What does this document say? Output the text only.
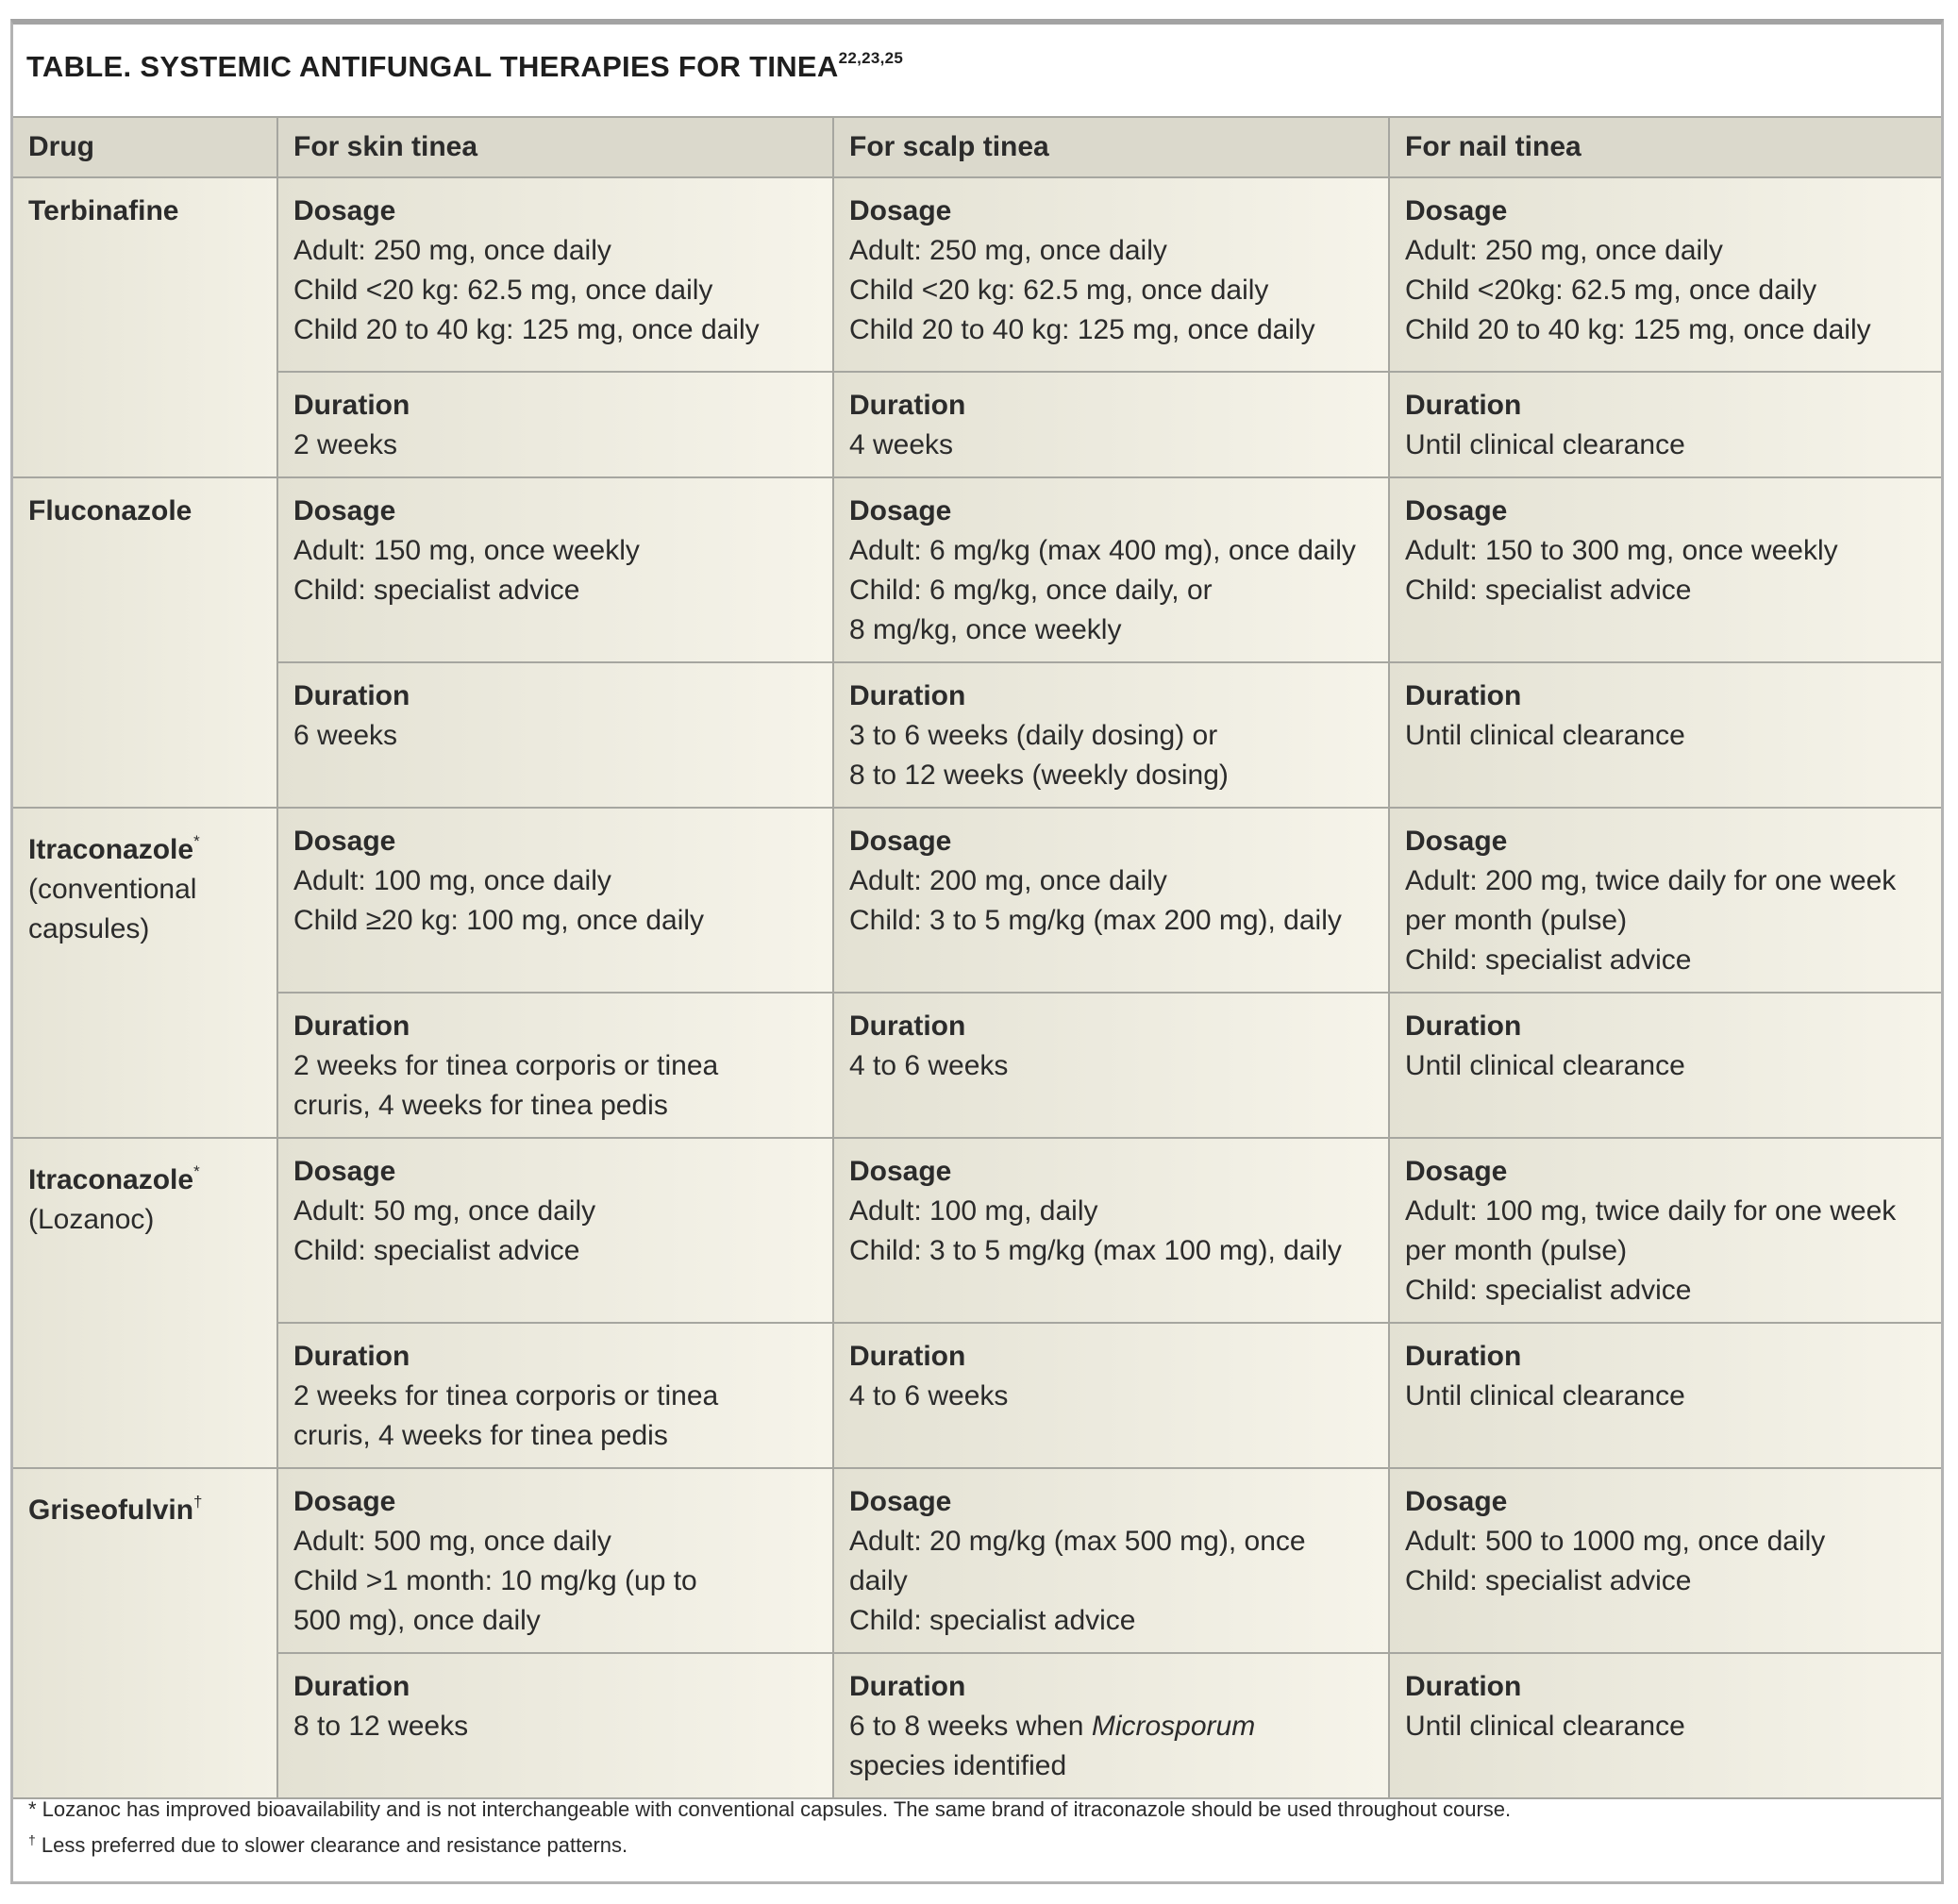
TABLE. SYSTEMIC ANTIFUNGAL THERAPIES FOR TINEA$^{22,23,25}$
Drug	For skin tinea	For scalp tinea	For nail tinea
Terbinafine	Dosage
Adult: 250 mg, once daily
Child <20 kg: 62.5 mg, once daily
Child 20 to 40 kg: 125 mg, once daily	Dosage
Adult: 250 mg, once daily
Child <20 kg: 62.5 mg, once daily
Child 20 to 40 kg: 125 mg, once daily	Dosage
Adult: 250 mg, once daily
Child <20kg: 62.5 mg, once daily
Child 20 to 40 kg: 125 mg, once daily

	Duration
2 weeks	Duration
4 weeks	Duration
Until clinical clearance

Fluconazole	Dosage
Adult: 150 mg, once weekly
Child: specialist advice	Dosage
Adult: 6 mg/kg (max 400 mg), once daily
Child: 6 mg/kg, once daily, or
8 mg/kg, once weekly	Dosage
Adult: 150 to 300 mg, once weekly
Child: specialist advice

	Duration
6 weeks	Duration
3 to 6 weeks (daily dosing) or
8 to 12 weeks (weekly dosing)	Duration
Until clinical clearance

Itraconazole*
(conventional
capsules)	Dosage
Adult: 100 mg, once daily
Child ≥20 kg: 100 mg, once daily	Dosage
Adult: 200 mg, once daily
Child: 3 to 5 mg/kg (max 200 mg), daily	Dosage
Adult: 200 mg, twice daily for one week
per month (pulse)
Child: specialist advice

	Duration
2 weeks for tinea corporis or tinea
cruris, 4 weeks for tinea pedis	Duration
4 to 6 weeks	Duration
Until clinical clearance

Itraconazole*
(Lozanoc)	Dosage
Adult: 50 mg, once daily
Child: specialist advice	Dosage
Adult: 100 mg, daily
Child: 3 to 5 mg/kg (max 100 mg), daily	Dosage
Adult: 100 mg, twice daily for one week
per month (pulse)
Child: specialist advice

	Duration
2 weeks for tinea corporis or tinea
cruris, 4 weeks for tinea pedis	Duration
4 to 6 weeks	Duration
Until clinical clearance

Griseofulvin†	Dosage
Adult: 500 mg, once daily
Child >1 month: 10 mg/kg (up to
500 mg), once daily	Dosage
Adult: 20 mg/kg (max 500 mg), once
daily
Child: specialist advice	Dosage
Adult: 500 to 1000 mg, once daily
Child: specialist advice

	Duration
8 to 12 weeks	Duration
6 to 8 weeks when Microsporum
species identified	Duration
Until clinical clearance
* Lozanoc has improved bioavailability and is not interchangeable with conventional capsules. The same brand of itraconazole should be used throughout course.
† Less preferred due to slower clearance and resistance patterns.
